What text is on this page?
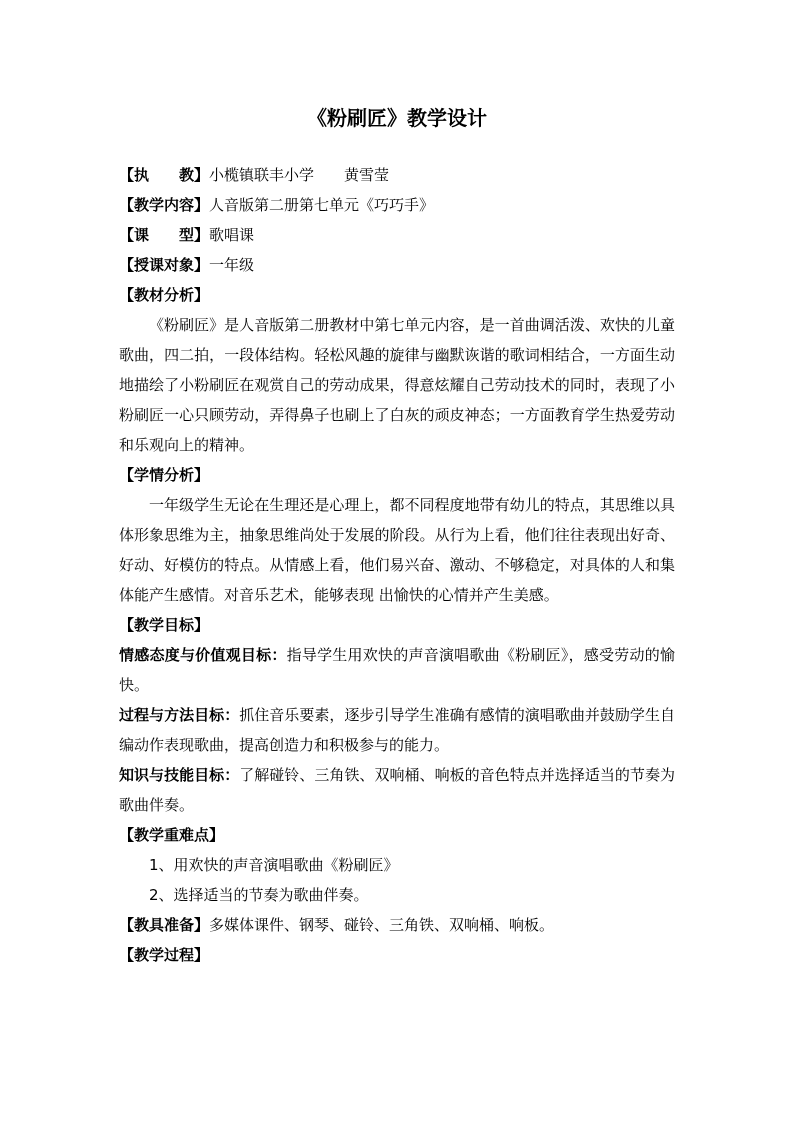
《粉刷匠》教学设计
【执　　教】小榄镇联丰小学　　黄雪莹
【教学内容】人音版第二册第七单元《巧巧手》
【课　　型】歌唱课
【授课对象】一年级
【教材分析】
《粉刷匠》是人音版第二册教材中第七单元内容，是一首曲调活泼、欢快的儿童歌曲，四二拍，一段体结构。轻松风趣的旋律与幽默诙谐的歌词相结合，一方面生动地描绘了小粉刷匠在观赏自己的劳动成果，得意炫耀自己劳动技术的同时，表现了小粉刷匠一心只顾劳动，弄得鼻子也刷上了白灰的顽皮神态；一方面教育学生热爱劳动和乐观向上的精神。
【学情分析】
一年级学生无论在生理还是心理上，都不同程度地带有幼儿的特点，其思维以具体形象思维为主，抽象思维尚处于发展的阶段。从行为上看，他们往往表现出好奇、好动、好模仿的特点。从情感上看，他们易兴奋、激动、不够稳定，对具体的人和集体能产生感情。对音乐艺术，能够表现 出愉快的心情并产生美感。
【教学目标】
情感态度与价值观目标：指导学生用欢快的声音演唱歌曲《粉刷匠》，感受劳动的愉快。
过程与方法目标：抓住音乐要素，逐步引导学生准确有感情的演唱歌曲并鼓励学生自编动作表现歌曲，提高创造力和积极参与的能力。
知识与技能目标：了解碰铃、三角铁、双响桶、响板的音色特点并选择适当的节奏为歌曲伴奏。
【教学重难点】
1、用欢快的声音演唱歌曲《粉刷匠》
2、选择适当的节奏为歌曲伴奏。
【教具准备】多媒体课件、钢琴、碰铃、三角铁、双响桶、响板。
【教学过程】
